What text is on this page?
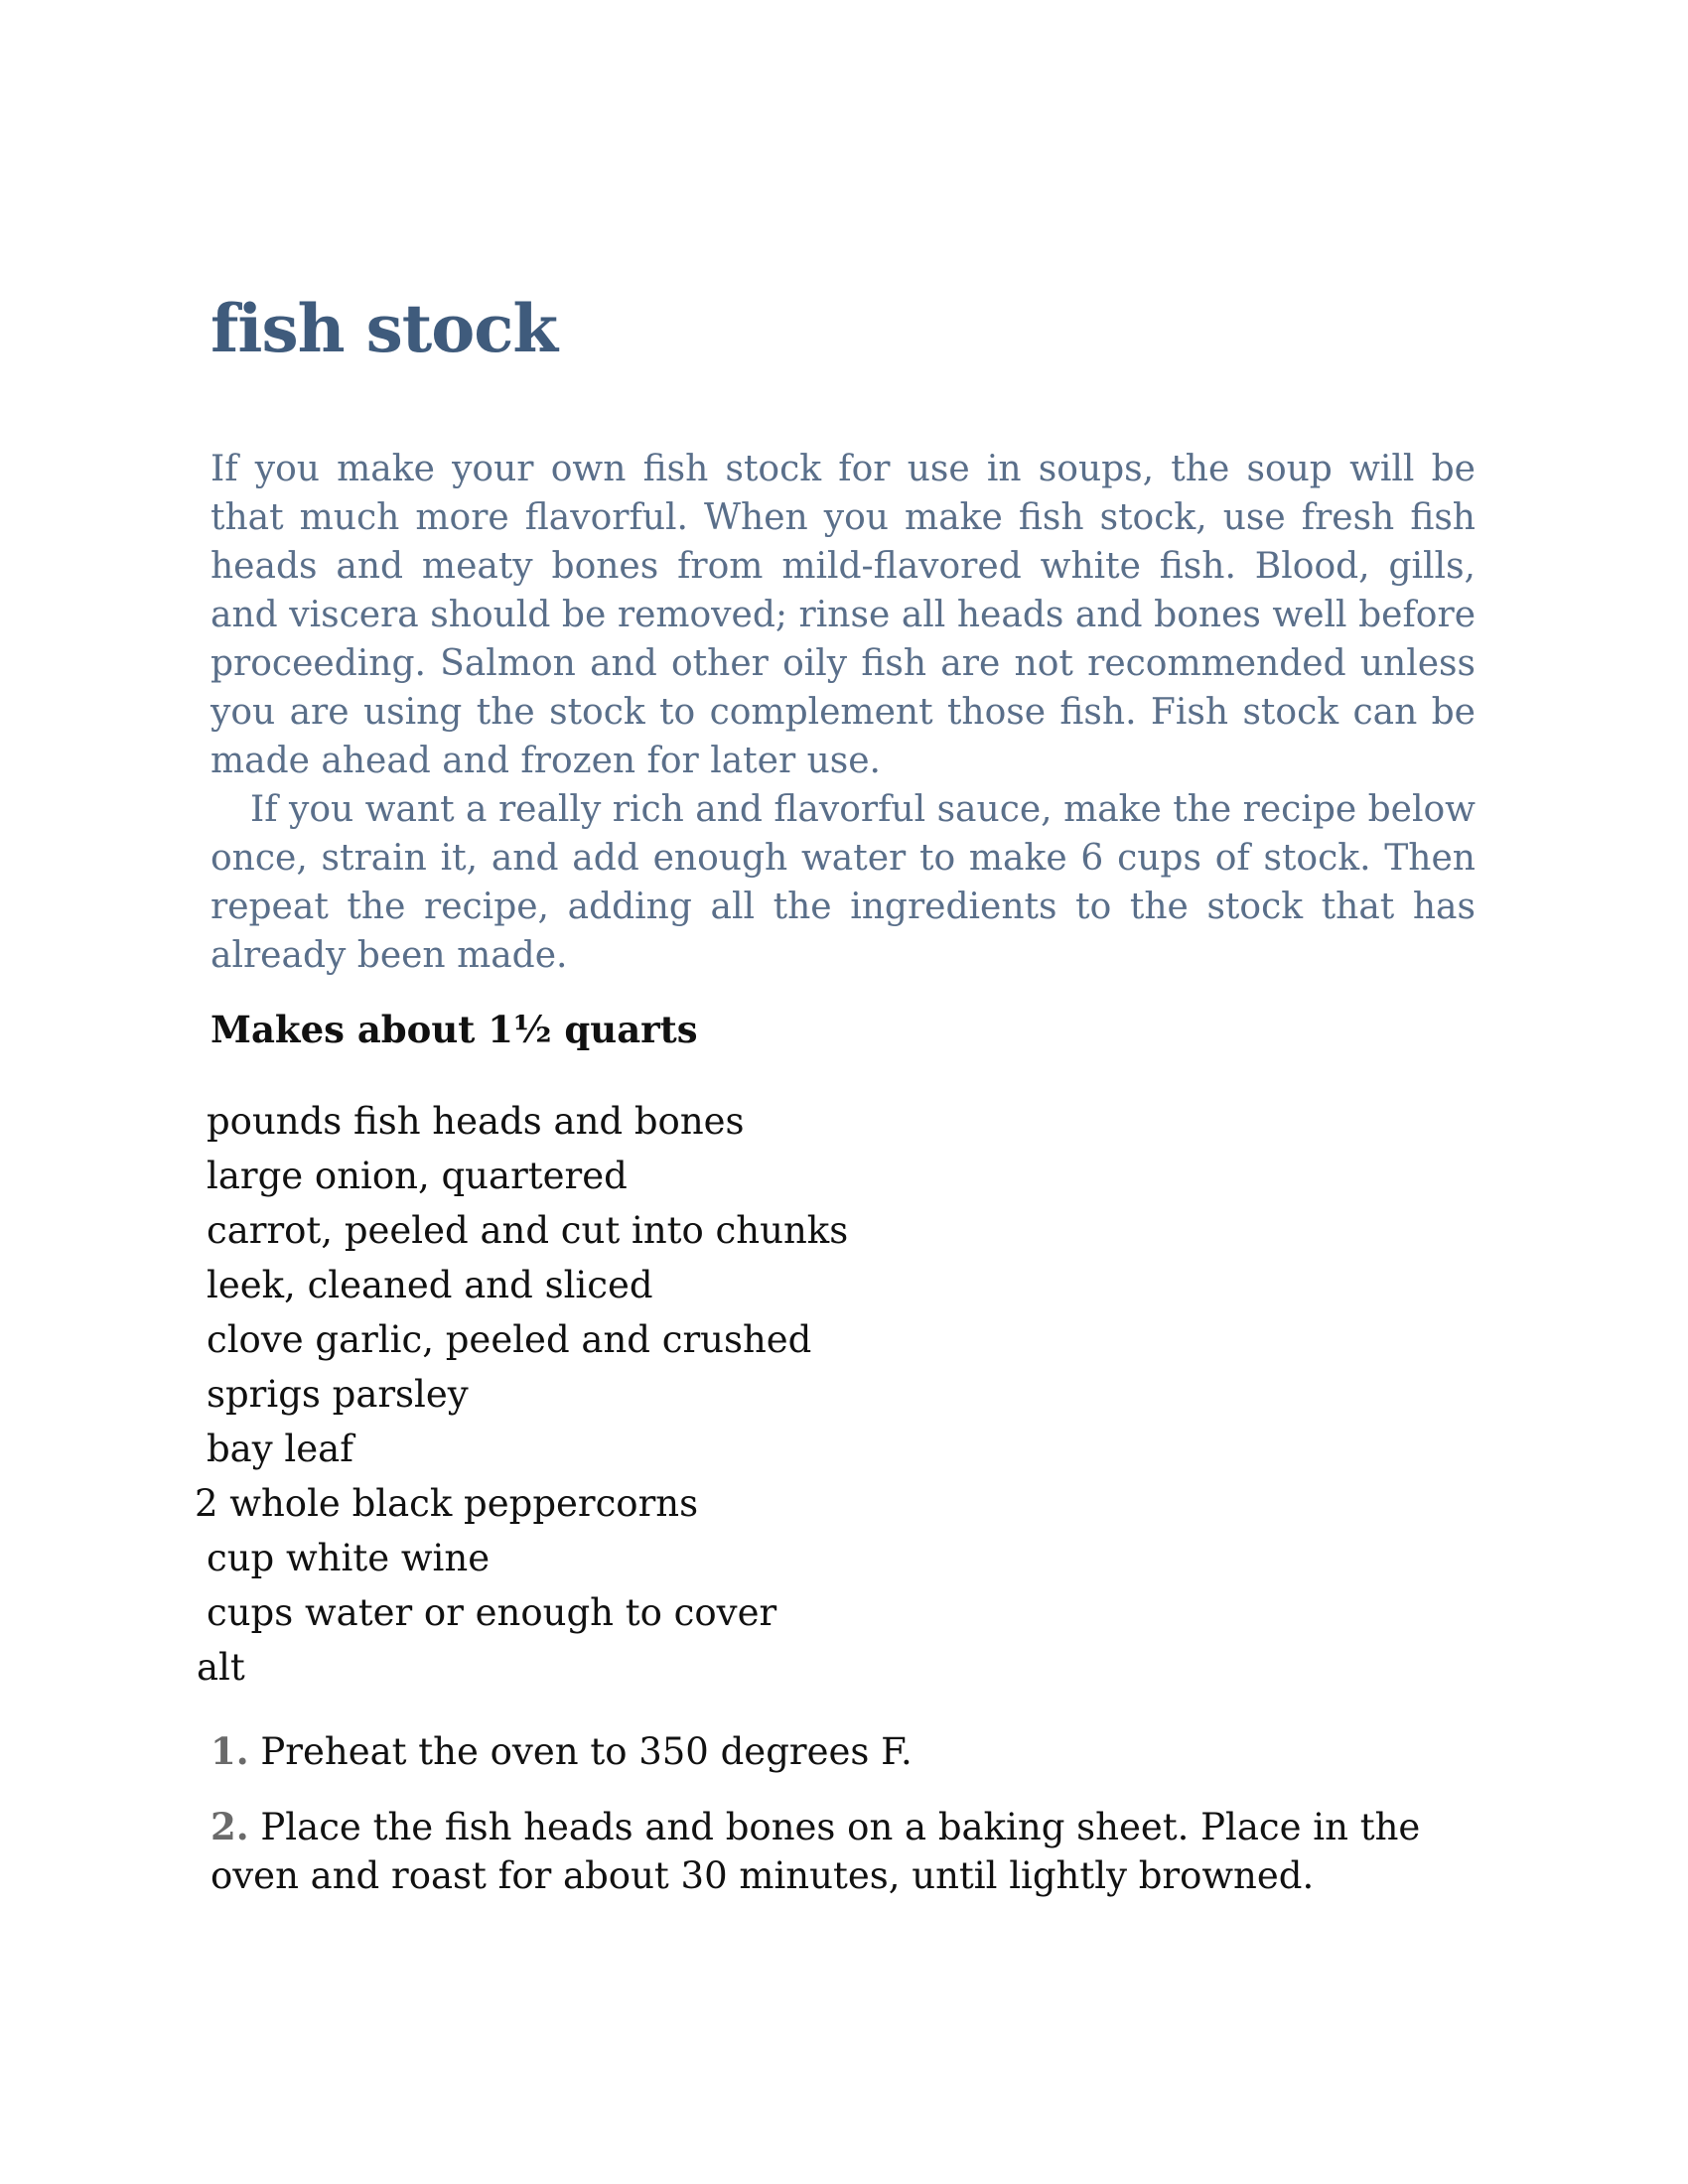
fish stock

If you make your own fish stock for use in soups, the soup will be that much more flavorful. When you make fish stock, use fresh fish heads and meaty bones from mild-flavored white fish. Blood, gills, and viscera should be removed; rinse all heads and bones well before proceeding. Salmon and other oily fish are not recommended unless you are using the stock to complement those fish. Fish stock can be made ahead and frozen for later use.

If you want a really rich and flavorful sauce, make the recipe below once, strain it, and add enough water to make 6 cups of stock. Then repeat the recipe, adding all the ingredients to the stock that has already been made.

Makes about 1½ quarts

pounds fish heads and bones
large onion, quartered
carrot, peeled and cut into chunks
leek, cleaned and sliced
clove garlic, peeled and crushed
sprigs parsley
bay leaf
2 whole black peppercorns
cup white wine
cups water or enough to cover
alt

1. Preheat the oven to 350 degrees F.

2. Place the fish heads and bones on a baking sheet. Place in the oven and roast for about 30 minutes, until lightly browned.
